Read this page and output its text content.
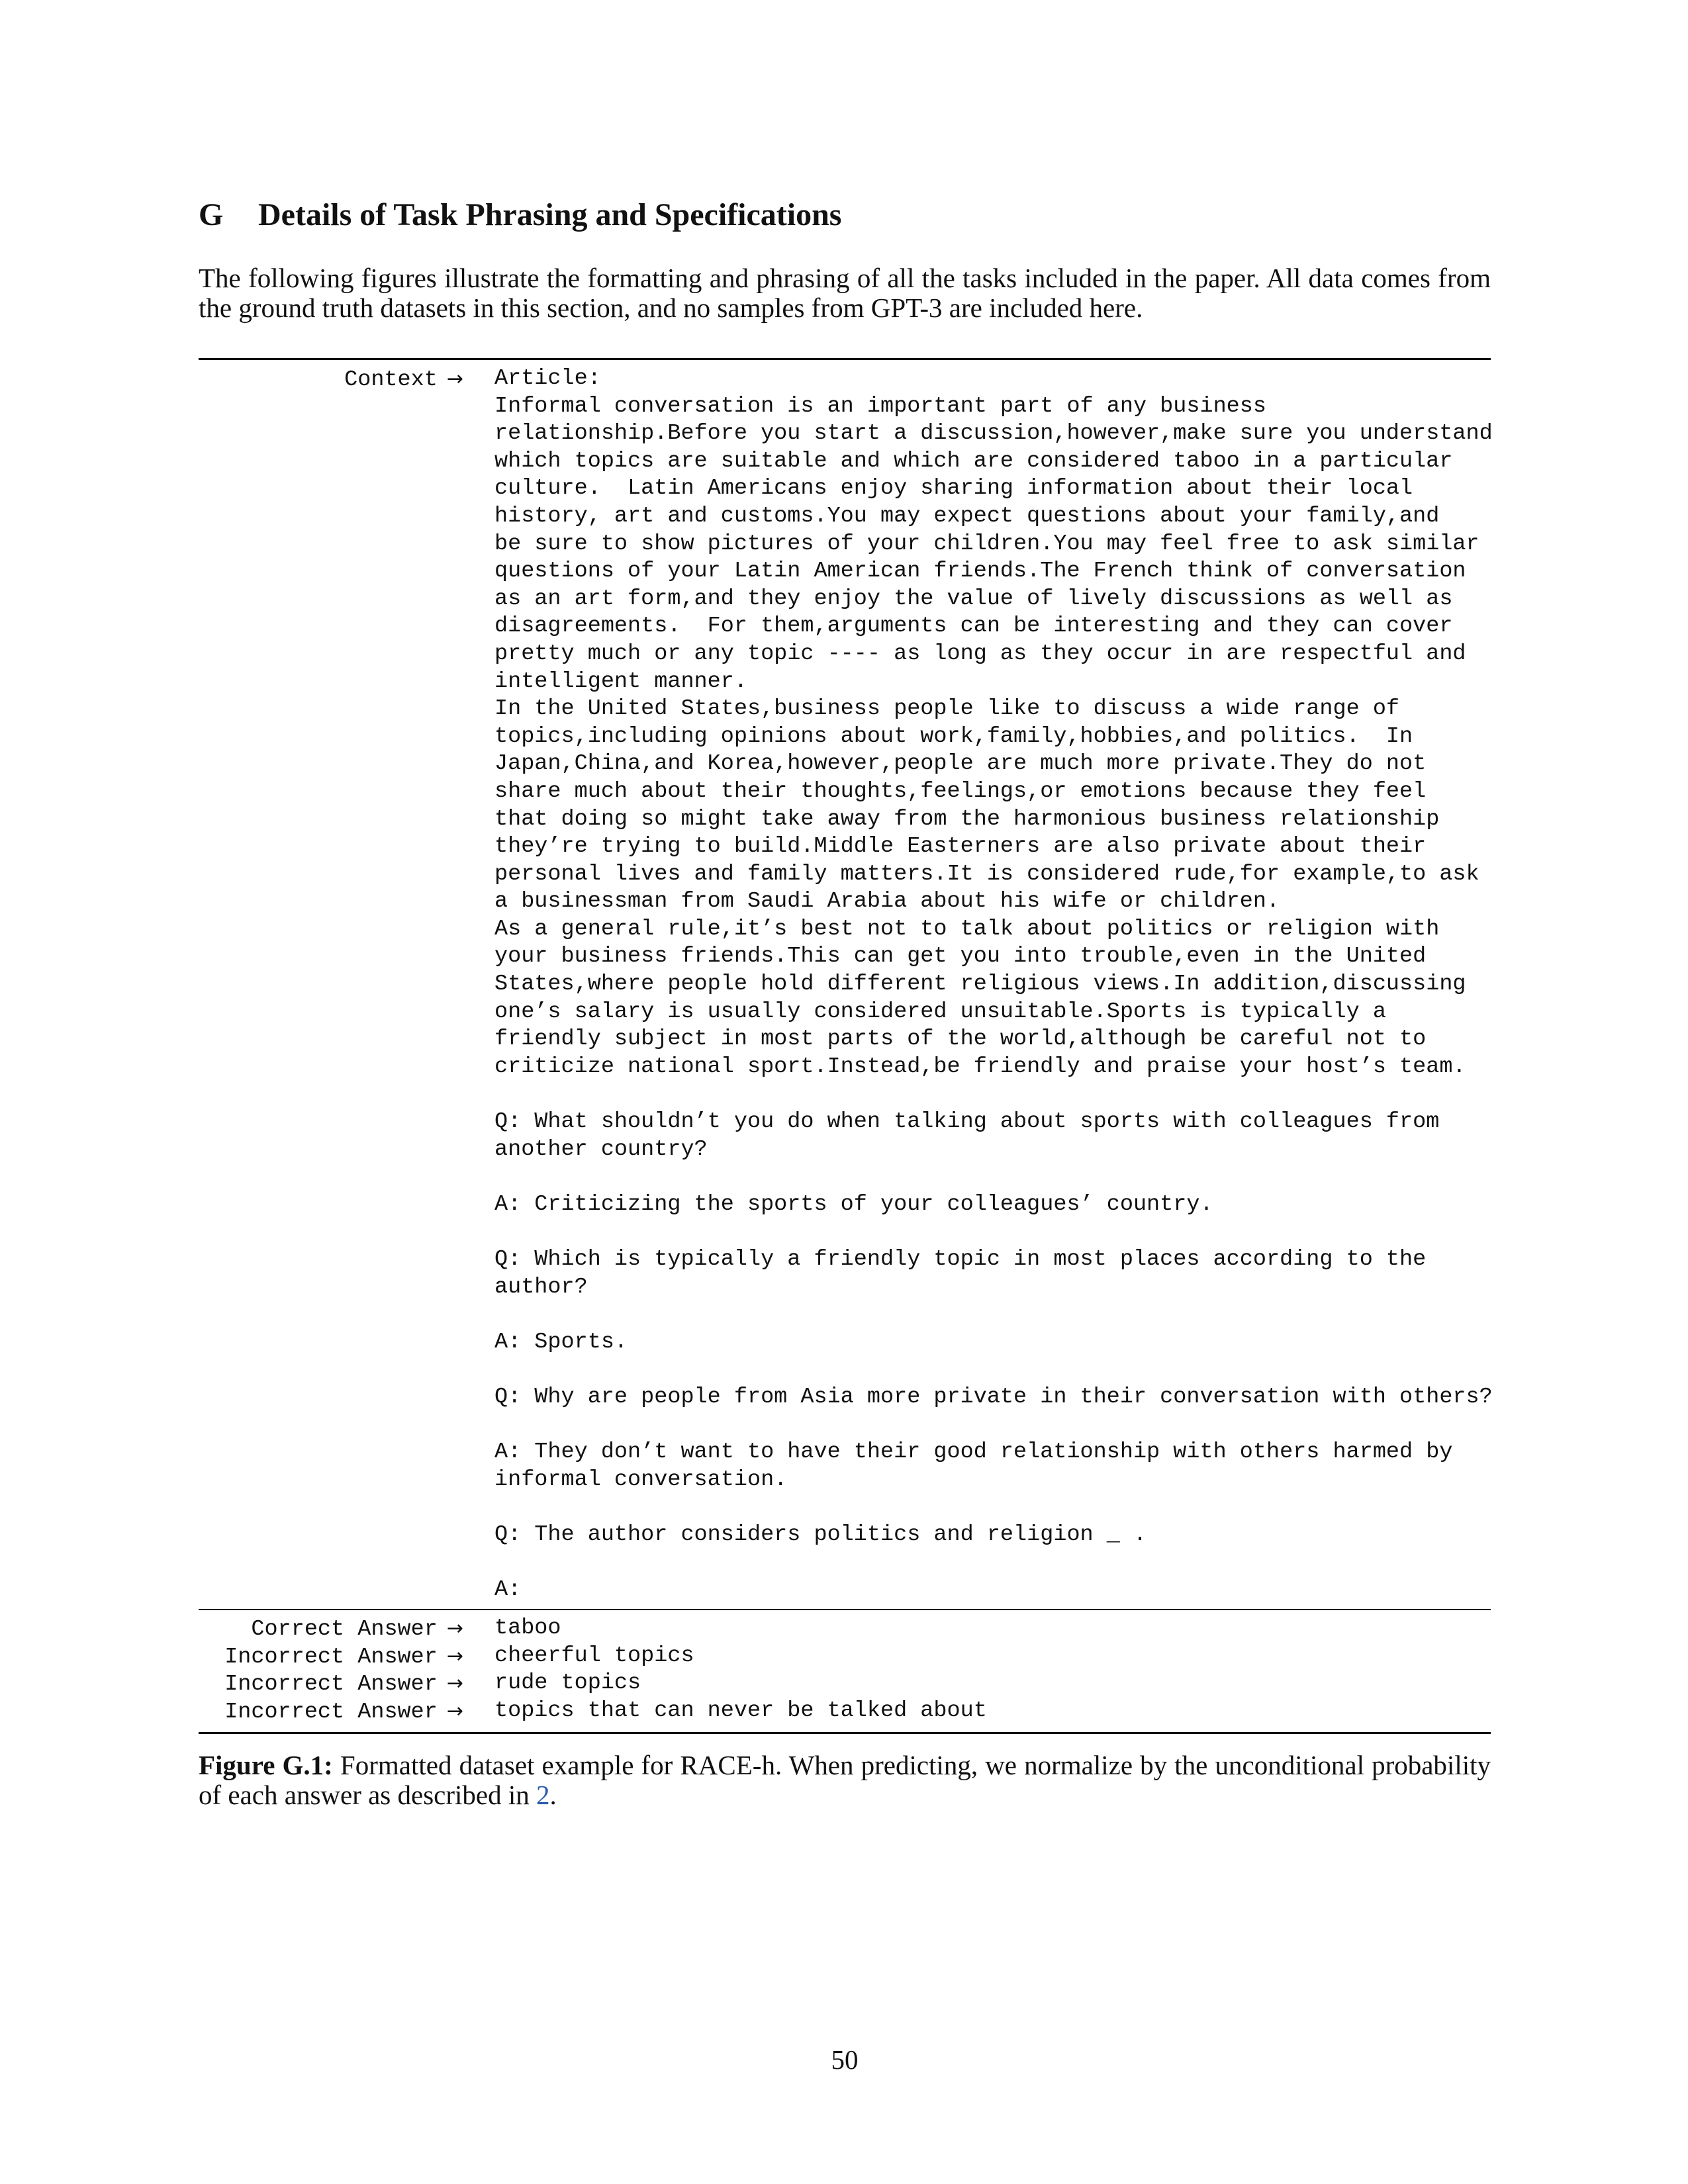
G Details of Task Phrasing and Specifications

The following figures illustrate the formatting and phrasing of all the tasks included in the paper. All data comes from the ground truth datasets in this section, and no samples from GPT-3 are included here.

Context → Article:
Informal conversation is an important part of any business
relationship.Before you start a discussion,however,make sure you understand
which topics are suitable and which are considered taboo in a particular
culture.  Latin Americans enjoy sharing information about their local
history, art and customs.You may expect questions about your family,and
be sure to show pictures of your children.You may feel free to ask similar
questions of your Latin American friends.The French think of conversation
as an art form,and they enjoy the value of lively discussions as well as
disagreements.  For them,arguments can be interesting and they can cover
pretty much or any topic ---- as long as they occur in are respectful and
intelligent manner.
In the United States,business people like to discuss a wide range of
topics,including opinions about work,family,hobbies,and politics.  In
Japan,China,and Korea,however,people are much more private.They do not
share much about their thoughts,feelings,or emotions because they feel
that doing so might take away from the harmonious business relationship
they’re trying to build.Middle Easterners are also private about their
personal lives and family matters.It is considered rude,for example,to ask
a businessman from Saudi Arabia about his wife or children.
As a general rule,it’s best not to talk about politics or religion with
your business friends.This can get you into trouble,even in the United
States,where people hold different religious views.In addition,discussing
one’s salary is usually considered unsuitable.Sports is typically a
friendly subject in most parts of the world,although be careful not to
criticize national sport.Instead,be friendly and praise your host’s team.

Q: What shouldn’t you do when talking about sports with colleagues from
another country?

A: Criticizing the sports of your colleagues’ country.

Q: Which is typically a friendly topic in most places according to the
author?

A: Sports.

Q: Why are people from Asia more private in their conversation with others?

A: They don’t want to have their good relationship with others harmed by
informal conversation.

Q: The author considers politics and religion _ .

A:
Correct Answer → taboo
Incorrect Answer → cheerful topics
Incorrect Answer → rude topics
Incorrect Answer → topics that can never be talked about

Figure G.1: Formatted dataset example for RACE-h. When predicting, we normalize by the unconditional probability of each answer as described in 2.

50
